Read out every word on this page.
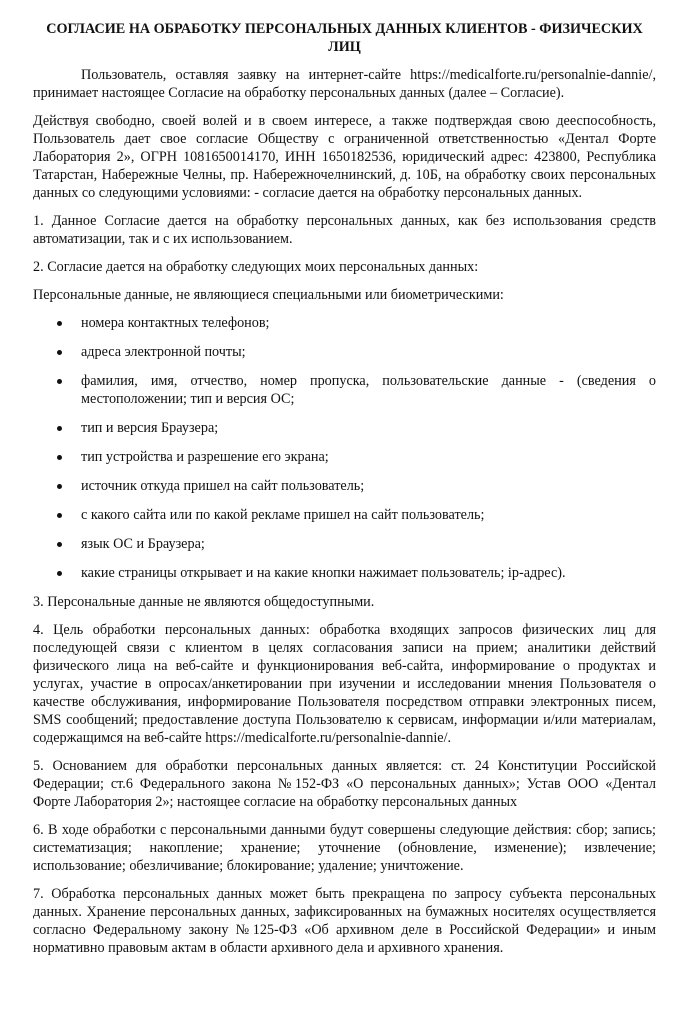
СОГЛАСИЕ НА ОБРАБОТКУ ПЕРСОНАЛЬНЫХ ДАННЫХ КЛИЕНТОВ - ФИЗИЧЕСКИХ ЛИЦ

Пользователь, оставляя заявку на интернет-сайте https://medicalforte.ru/personalnie-dannie/, принимает настоящее Согласие на обработку персональных данных (далее – Согласие).

Действуя свободно, своей волей и в своем интересе, а также подтверждая свою дееспособность, Пользователь дает свое согласие Обществу с ограниченной ответственностью «Дентал Форте Лаборатория 2», ОГРН 1081650014170, ИНН 1650182536, юридический адрес: 423800, Республика Татарстан, Набережные Челны, пр. Набережночелнинский, д. 10Б, на обработку своих персональных данных со следующими условиями: - согласие дается на обработку персональных данных.

1. Данное Согласие дается на обработку персональных данных, как без использования средств автоматизации, так и с их использованием.

2. Согласие дается на обработку следующих моих персональных данных:

Персональные данные, не являющиеся специальными или биометрическими:

номера контактных телефонов;
адреса электронной почты;
фамилия, имя, отчество, номер пропуска, пользовательские данные - (сведения о местоположении; тип и версия ОС;
тип и версия Браузера;
тип устройства и разрешение его экрана;
источник откуда пришел на сайт пользователь;
с какого сайта или по какой рекламе пришел на сайт пользователь;
язык ОС и Браузера;
какие страницы открывает и на какие кнопки нажимает пользователь; ip-адрес).

3. Персональные данные не являются общедоступными.

4. Цель обработки персональных данных: обработка входящих запросов физических лиц для последующей связи с клиентом в целях согласования записи на прием; аналитики действий физического лица на веб-сайте и функционирования веб-сайта, информирование о продуктах и услугах, участие в опросах/анкетировании при изучении и исследовании мнения Пользователя о качестве обслуживания, информирование Пользователя посредством отправки электронных писем, SMS сообщений; предоставление доступа Пользователю к сервисам, информации и/или материалам, содержащимся на веб-сайте https://medicalforte.ru/personalnie-dannie/.

5. Основанием для обработки персональных данных является: ст. 24 Конституции Российской Федерации; ст.6 Федерального закона №152-ФЗ «О персональных данных»; Устав ООО «Дентал Форте Лаборатория 2»; настоящее согласие на обработку персональных данных

6. В ходе обработки с персональными данными будут совершены следующие действия: сбор; запись; систематизация; накопление; хранение; уточнение (обновление, изменение); извлечение; использование; обезличивание; блокирование; удаление; уничтожение.

7. Обработка персональных данных может быть прекращена по запросу субъекта персональных данных. Хранение персональных данных, зафиксированных на бумажных носителях осуществляется согласно Федеральному закону №125-ФЗ «Об архивном деле в Российской Федерации» и иным нормативно правовым актам в области архивного дела и архивного хранения.
